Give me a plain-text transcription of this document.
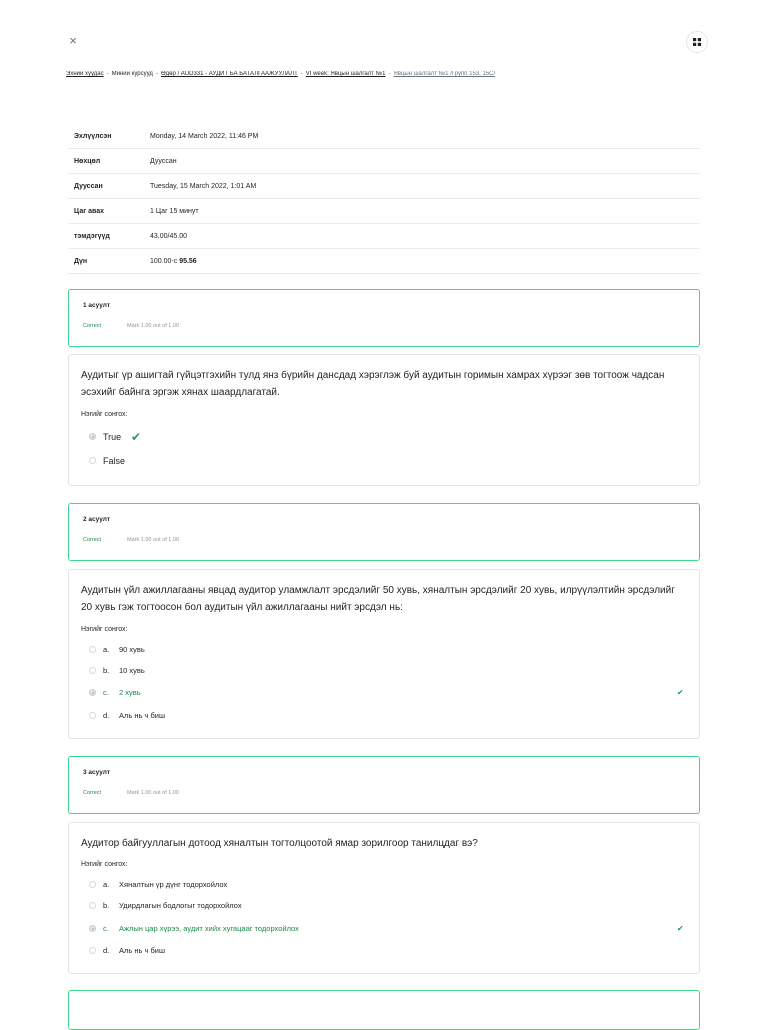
×
Эхний хуудас - Миний курсууд - Өдөр / AUD331 - АУДИТ БА БАТАЛГААЖУУЛАЛТ - VI week: Явцын шалгалт №1 - Явцын шалгалт №1 /Групп 153, 15C/
Эхлүүлсэн	Monday, 14 March 2022, 11:46 PM
Нөхцөл	Дууссан
Дууссан	Tuesday, 15 March 2022, 1:01 AM
Цаг авах	1 Цаг 15 минут
тэмдэгүүд	43.00/45.00
Дүн	100.00-с 95.56
1 асуулт
Correct	Mark 1.00 out of 1.00
Аудитыг үр ашигтай гүйцэтгэхийн тулд янз бүрийн дансдад хэрэглэж буй аудитын горимын хамрах хүрээг зөв тогтоож чадсан эсэхийг байнга эргэж хянах шаардлагатай.
Нэгийг сонгох:
True ✔
False
2 асуулт
Correct	Mark 1.00 out of 1.00
Аудитын үйл ажиллагааны явцад аудитор уламжлалт эрсдэлийг 50 хувь, хяналтын эрсдэлийг 20 хувь, илрүүлэлтийн эрсдэлийг 20 хувь гэж тогтоосон бол аудитын үйл ажиллагааны нийт эрсдэл нь:
Нэгийг сонгох:
a. 90 хувь
b. 10 хувь
c. 2 хувь	✔
d. Аль нь ч биш
3 асуулт
Correct	Mark 1.00 out of 1.00
Аудитор байгууллагын дотоод хяналтын тогтолцоотой ямар зорилгоор танилцдаг вэ?
Нэгийг сонгох:
a. Хяналтын үр дүнг тодорхойлох
b. Удирдлагын бодлогыг тодорхойлох
c. Ажлын цар хүрээ, аудит хийх хугацааг тодорхойлох	✔
d. Аль нь ч биш
